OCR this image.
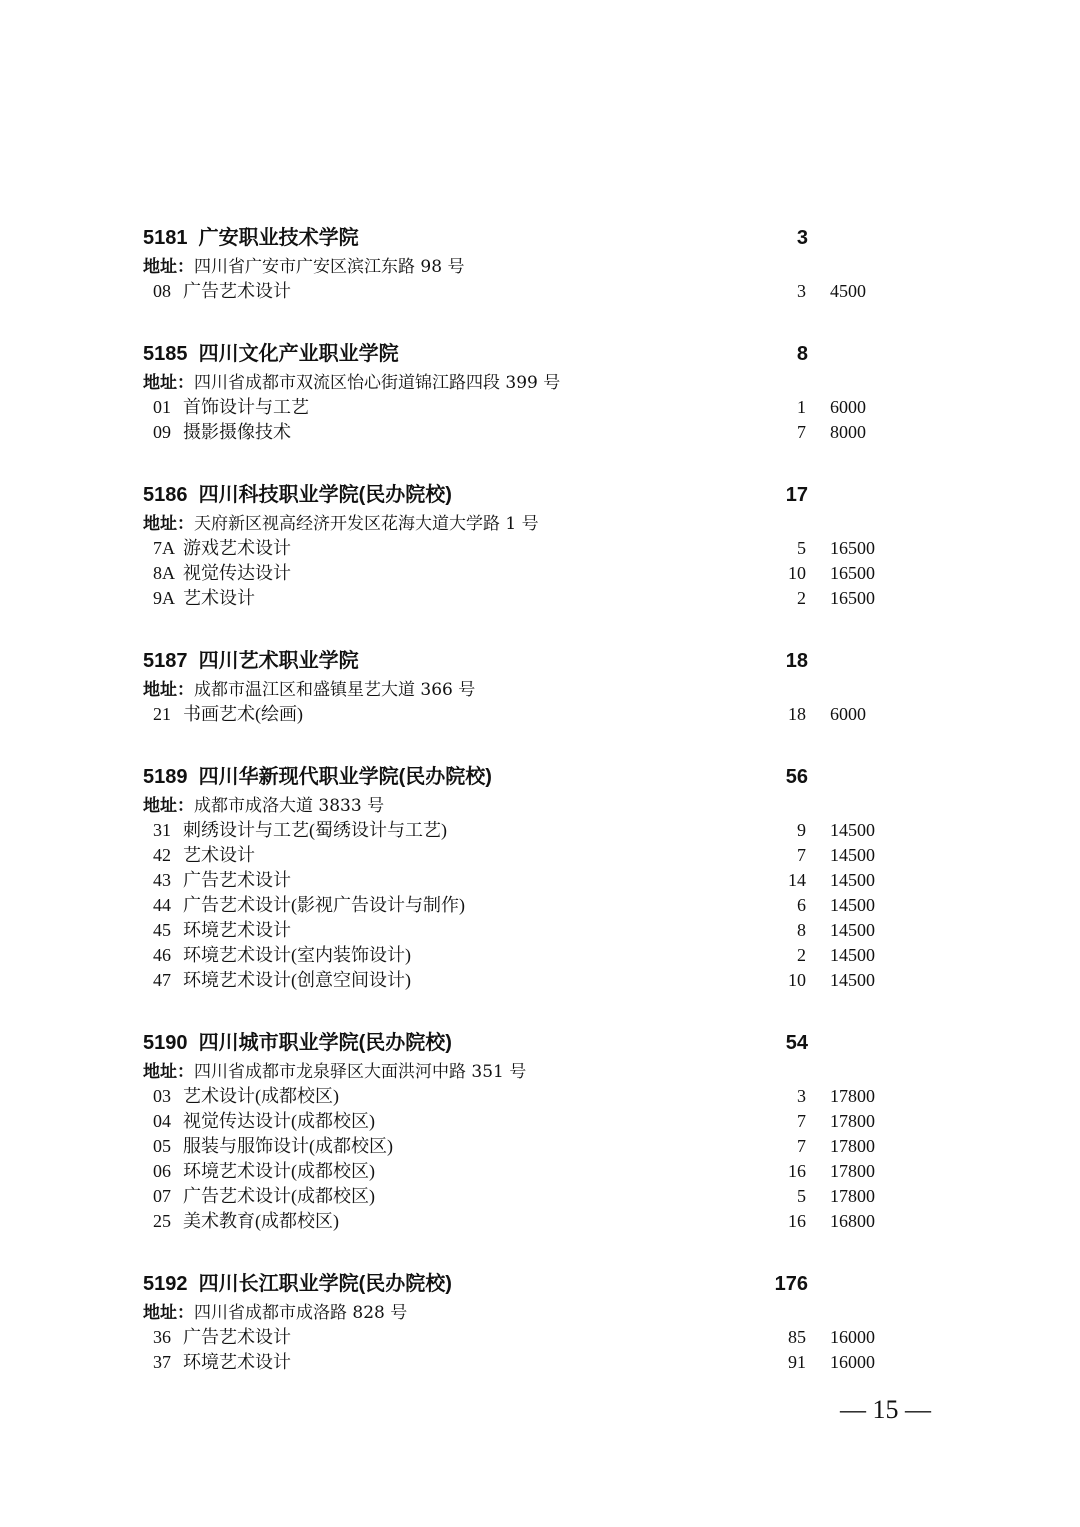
5181 广安职业技术学院	3
地址：四川省广安市广安区滨江东路 98 号
08 广告艺术设计	3 4500
5185 四川文化产业职业学院	8
地址：四川省成都市双流区怡心街道锦江路四段 399 号
01 首饰设计与工艺	1 6000
09 摄影摄像技术	7 8000
5186 四川科技职业学院(民办院校)	17
地址：天府新区视高经济开发区花海大道大学路 1 号
7A 游戏艺术设计	5 16500
8A 视觉传达设计	10 16500
9A 艺术设计	2 16500
5187 四川艺术职业学院	18
地址：成都市温江区和盛镇星艺大道 366 号
21 书画艺术(绘画)	18 6000
5189 四川华新现代职业学院(民办院校)	56
地址：成都市成洛大道 3833 号
31 刺绣设计与工艺(蜀绣设计与工艺)	9 14500
42 艺术设计	7 14500
43 广告艺术设计	14 14500
44 广告艺术设计(影视广告设计与制作)	6 14500
45 环境艺术设计	8 14500
46 环境艺术设计(室内装饰设计)	2 14500
47 环境艺术设计(创意空间设计)	10 14500
5190 四川城市职业学院(民办院校)	54
地址：四川省成都市龙泉驿区大面洪河中路 351 号
03 艺术设计(成都校区)	3 17800
04 视觉传达设计(成都校区)	7 17800
05 服装与服饰设计(成都校区)	7 17800
06 环境艺术设计(成都校区)	16 17800
07 广告艺术设计(成都校区)	5 17800
25 美术教育(成都校区)	16 16800
5192 四川长江职业学院(民办院校)	176
地址：四川省成都市成洛路 828 号
36 广告艺术设计	85 16000
37 环境艺术设计	91 16000
— 15 —
